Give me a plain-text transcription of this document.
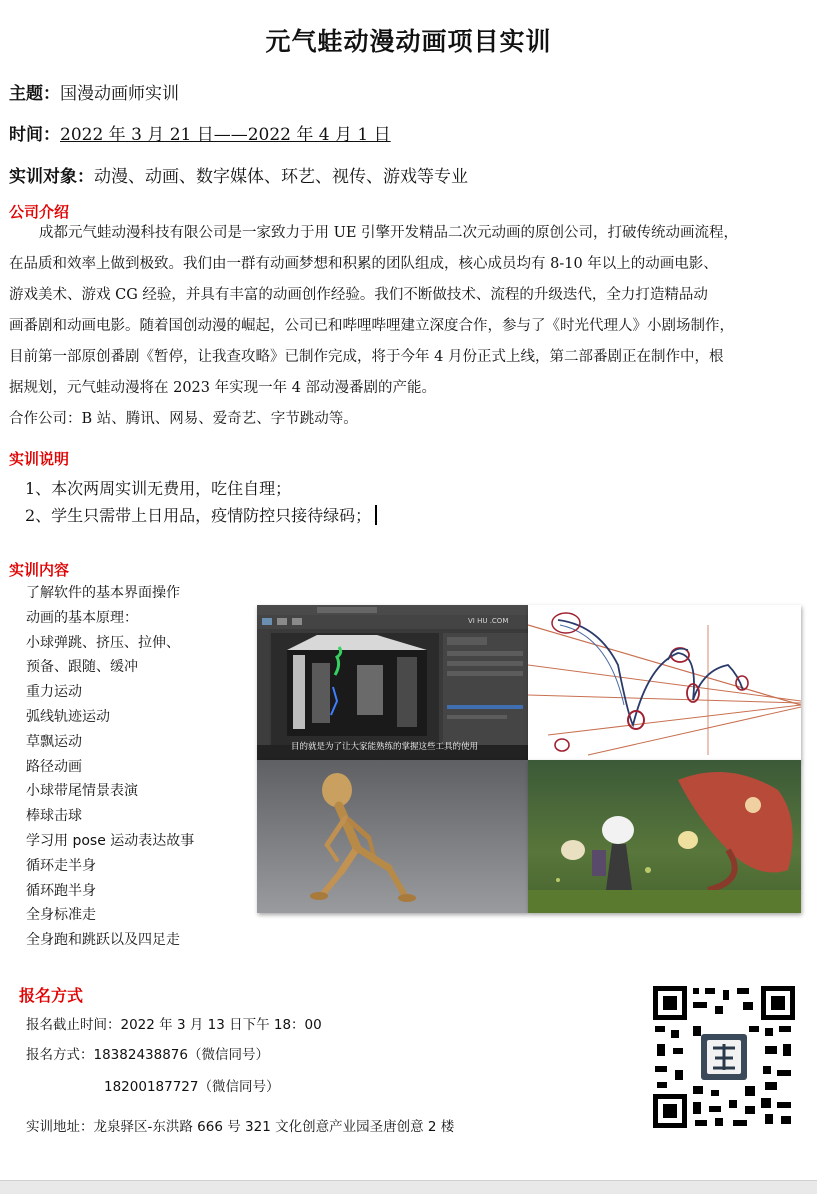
元气蛙动漫动画项目实训
主题：国漫动画师实训
时间：2022 年 3 月 21 日——2022 年 4 月 1 日
实训对象：动漫、动画、数字媒体、环艺、视传、游戏等专业
公司介绍
成都元气蛙动漫科技有限公司是一家致力于用 UE 引擎开发精品二次元动画的原创公司，打破传统动画流程，
在品质和效率上做到极致。我们由一群有动画梦想和积累的团队组成，核心成员均有 8-10 年以上的动画电影、
游戏美术、游戏 CG 经验，并具有丰富的动画创作经验。我们不断做技术、流程的升级迭代，全力打造精品动
画番剧和动画电影。随着国创动漫的崛起，公司已和哔哩哔哩建立深度合作，参与了《时光代理人》小剧场制作，
目前第一部原创番剧《暂停，让我查攻略》已制作完成，将于今年 4 月份正式上线，第二部番剧正在制作中，根
据规划，元气蛙动漫将在 2023 年实现一年 4 部动漫番剧的产能。
合作公司：B 站、腾讯、网易、爱奇艺、字节跳动等。
实训说明
1、本次两周实训无费用，吃住自理；
2、学生只需带上日用品，疫情防控只接待绿码；
实训内容
了解软件的基本界面操作
动画的基本原理：
小球弹跳、挤压、拉伸、
预备、跟随、缓冲
重力运动
弧线轨迹运动
草飘运动
路径动画
小球带尾情景表演
棒球击球
学习用 pose 运动表达故事
循环走半身
循环跑半身
全身标准走
全身跑和跳跃以及四足走
目的就是为了让大家能熟练的掌握这些工具的使用
VI HU .COM
报名方式
报名截止时间：2022 年 3 月 13 日下午 18：00
报名方式：18382438876（微信同号）
18200187727（微信同号）
实训地址：龙泉驿区-东洪路 666 号 321 文化创意产业园圣唐创意 2 楼
